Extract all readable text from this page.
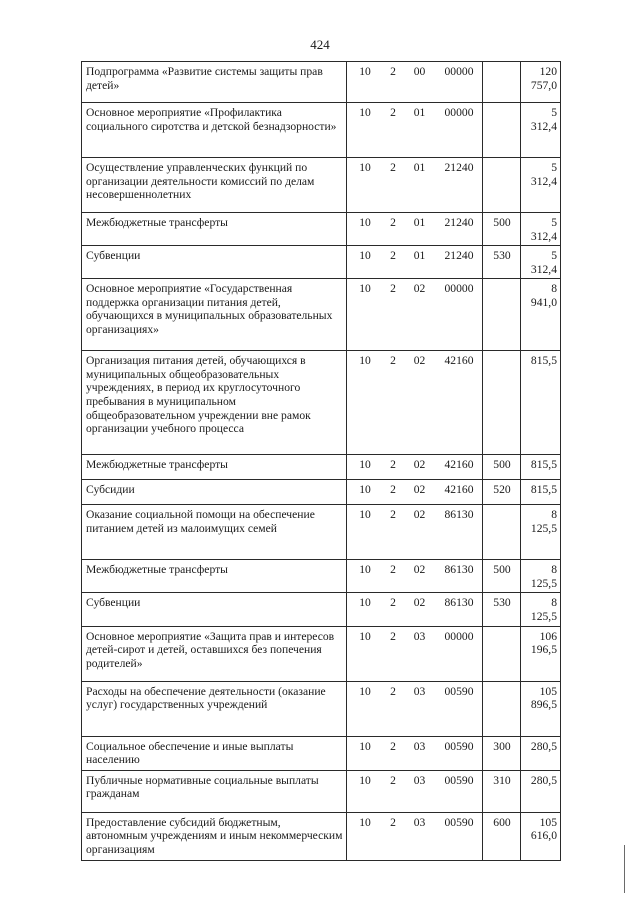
424
Подпрограмма «Развитие системы защиты прав детей»	10	2	00	00000		120 757,0
Основное мероприятие «Профилактика социального сиротства и детской безнадзорности»	10	2	01	00000		5 312,4
Осуществление управленческих функций по организации деятельности комиссий по делам несовершеннолетних	10	2	01	21240		5 312,4
Межбюджетные трансферты	10	2	01	21240	500	5 312,4
Субвенции	10	2	01	21240	530	5 312,4
Основное мероприятие «Государственная поддержка организации питания детей, обучающихся в муниципальных образовательных организациях»	10	2	02	00000		8 941,0
Организация питания детей, обучающихся в муниципальных общеобразовательных учреждениях, в период их круглосуточного пребывания в муниципальном общеобразовательном учреждении вне рамок организации учебного процесса	10	2	02	42160		815,5
Межбюджетные трансферты	10	2	02	42160	500	815,5
Субсидии	10	2	02	42160	520	815,5
Оказание социальной помощи на обеспечение питанием детей из малоимущих семей	10	2	02	86130		8 125,5
Межбюджетные трансферты	10	2	02	86130	500	8 125,5
Субвенции	10	2	02	86130	530	8 125,5
Основное мероприятие «Защита прав и интересов детей-сирот и детей, оставшихся без попечения родителей»	10	2	03	00000		106 196,5
Расходы на обеспечение деятельности (оказание услуг) государственных учреждений	10	2	03	00590		105 896,5
Социальное обеспечение и иные выплаты населению	10	2	03	00590	300	280,5
Публичные нормативные социальные выплаты гражданам	10	2	03	00590	310	280,5
Предоставление субсидий бюджетным, автономным учреждениям и иным некоммерческим организациям	10	2	03	00590	600	105 616,0
